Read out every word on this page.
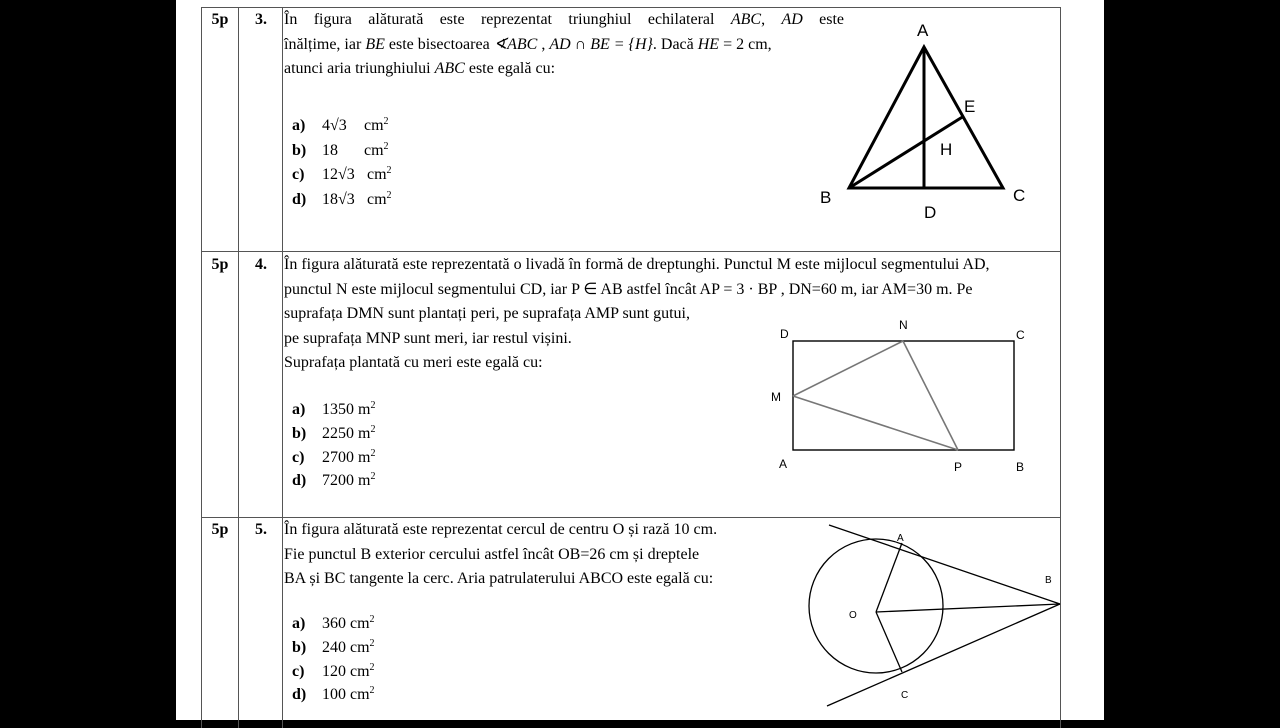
5p	3.	În figura alăturată este reprezentat triunghiul echilateral ABC, AD este
înălțime, iar BE este bisectoarea ∢ABC , AD ∩ BE = {H}. Dacă HE = 2 cm,
atunci aria triunghiului ABC este egală cu:
a) 4√3 $cm^2$
b) 18 $cm^2$
c) 12√3 $cm^2$
d) 18√3 $cm^2$
A
B	C
D
E
H
5p	4.	În figura alăturată este reprezentată o livadă în formă de dreptunghi. Punctul M este mijlocul segmentului AD,
punctul N este mijlocul segmentului CD, iar P ∈ AB astfel încât AP = 3 · BP , DN=60 m, iar AM=30 m. Pe
suprafața DMN sunt plantați peri, pe suprafața AMP sunt gutui,
pe suprafața MNP sunt meri, iar restul vișini.
Suprafața plantată cu meri este egală cu:
a) 1350 $m^2$
b) 2250 $m^2$
c) 2700 $m^2$
d) 7200 $m^2$
D
N
C
M
A	P	B
5p	5.	În figura alăturată este reprezentat cercul de centru O și rază 10 cm.
Fie punctul B exterior cercului astfel încât OB=26 cm și dreptele
BA și BC tangente la cerc. Aria patrulaterului ABCO este egală cu:
a) 360 $cm^2$
b) 240 $cm^2$
c) 120 $cm^2$
d) 100 $cm^2$
A
B
O
C
